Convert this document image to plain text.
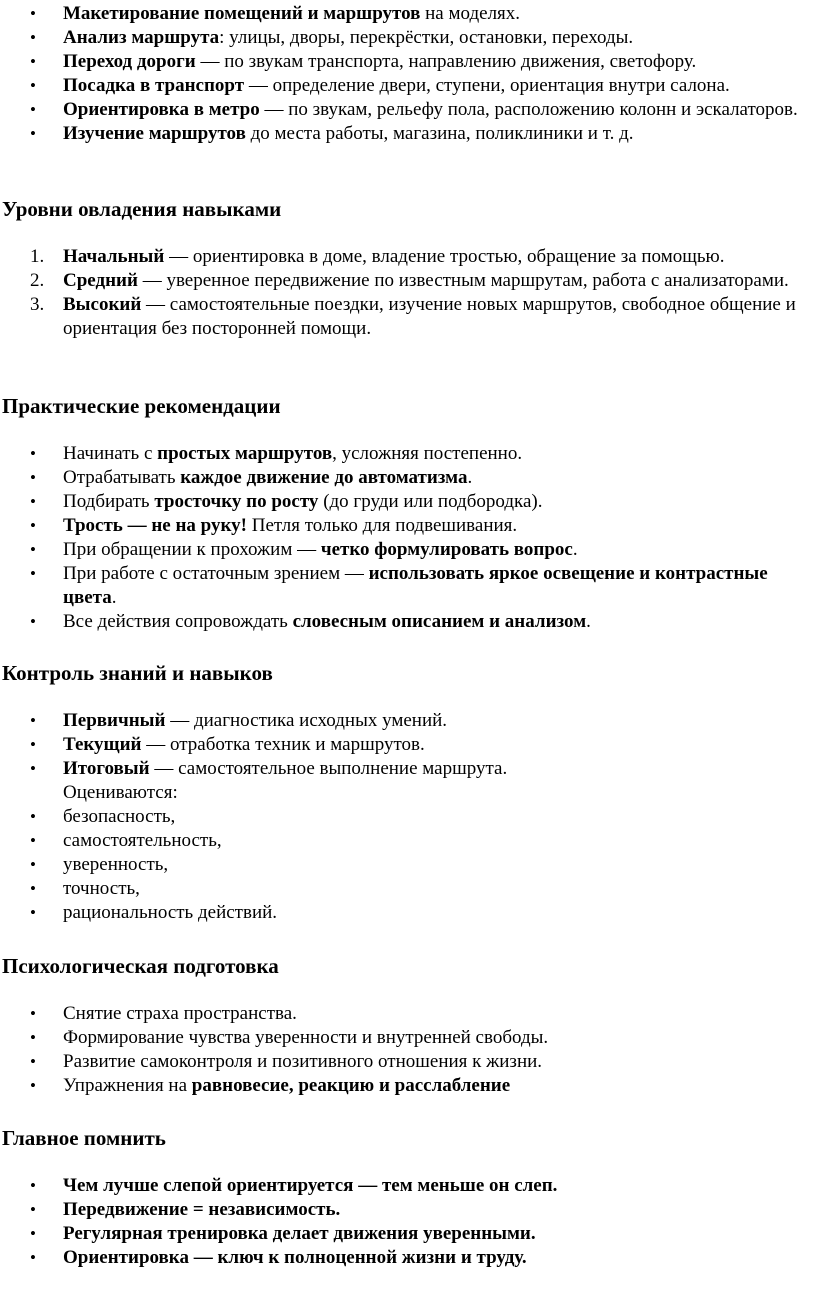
• Макетирование помещений и маршрутов на моделях.
• Анализ маршрута: улицы, дворы, перекрёстки, остановки, переходы.
• Переход дороги — по звукам транспорта, направлению движения, светофору.
• Посадка в транспорт — определение двери, ступени, ориентация внутри салона.
• Ориентировка в метро — по звукам, рельефу пола, расположению колонн и эскалаторов.
• Изучение маршрутов до места работы, магазина, поликлиники и т. д.
Уровни овладения навыками
1. Начальный — ориентировка в доме, владение тростью, обращение за помощью.
2. Средний — уверенное передвижение по известным маршрутам, работа с анализаторами.
3. Высокий — самостоятельные поездки, изучение новых маршрутов, свободное общение и ориентация без посторонней помощи.
Практические рекомендации
• Начинать с простых маршрутов, усложняя постепенно.
• Отрабатывать каждое движение до автоматизма.
• Подбирать тросточку по росту (до груди или подбородка).
• Трость — не на руку! Петля только для подвешивания.
• При обращении к прохожим — четко формулировать вопрос.
• При работе с остаточным зрением — использовать яркое освещение и контрастные цвета.
• Все действия сопровождать словесным описанием и анализом.
Контроль знаний и навыков
• Первичный — диагностика исходных умений.
• Текущий — отработка техник и маршрутов.
• Итоговый — самостоятельное выполнение маршрута.
Оцениваются:
• безопасность,
• самостоятельность,
• уверенность,
• точность,
• рациональность действий.
Психологическая подготовка
• Снятие страха пространства.
• Формирование чувства уверенности и внутренней свободы.
• Развитие самоконтроля и позитивного отношения к жизни.
• Упражнения на равновесие, реакцию и расслабление
Главное помнить
• Чем лучше слепой ориентируется — тем меньше он слеп.
• Передвижение = независимость.
• Регулярная тренировка делает движения уверенными.
• Ориентировка — ключ к полноценной жизни и труду.
